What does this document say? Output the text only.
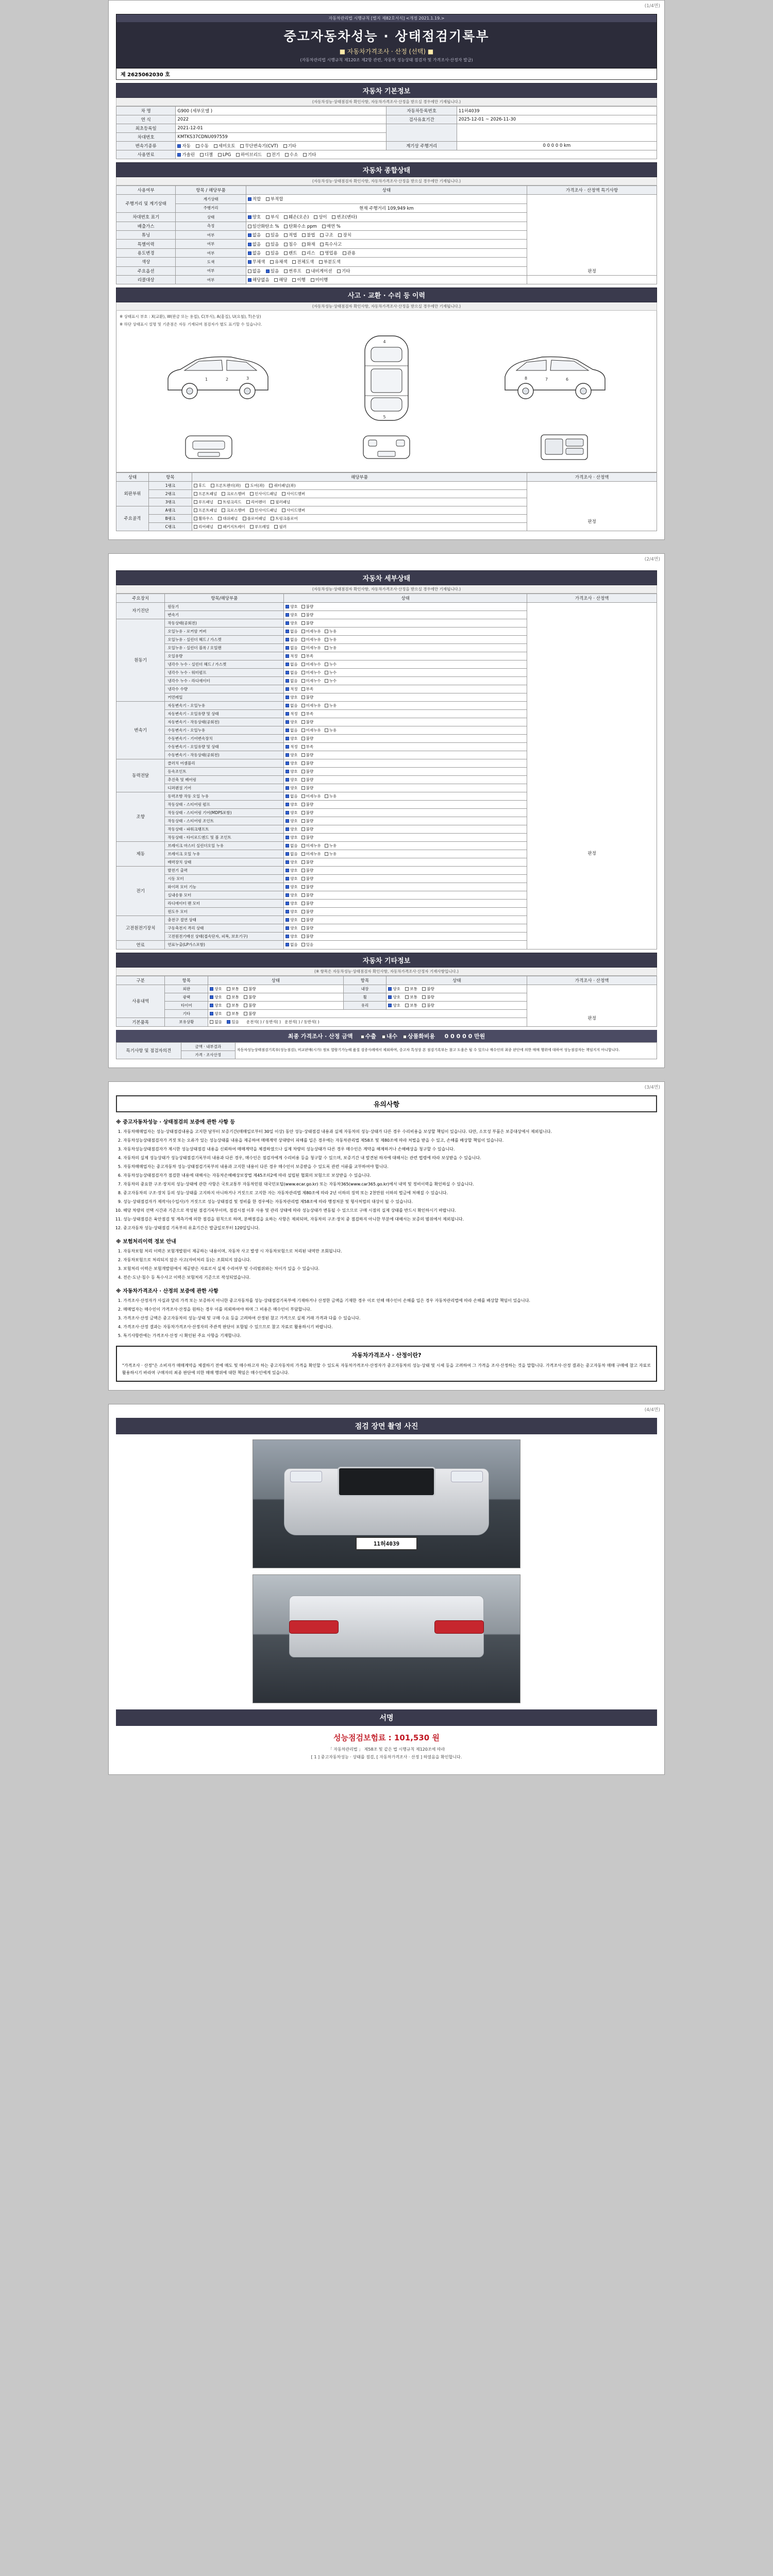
(1/4면)
자동차관리법 시행규칙 [별지 제82호서식] <개정 2021.1.19.>
중고자동차성능 · 상태점검기록부
■ 자동차가격조사 · 산정 (선택) ■
(자동차관리법 시행규칙 제120조 제2항 관련, 자동차 성능상태 점검자 및 가격조사·산정자 발급)
제 2625062030 호
자동차 기본정보
(자동차성능·상태점검자 확인사항, 자동차가격조사·산정을 받으실 경우에만 기재됩니다.)
차 명	G900 (세부모델 )	자동차등록번호	11허4039
연 식	2022	검사유효기간	2025-12-01 ~ 2026-11-30
최초등록일	2021-12-01		
차대번호	KMTKS37CDNU097559		
변속기종류	자동 수동 세미오토 무단변속기(CVT) 기타	계기상 주행거리	0 0 0 0 0 km
사용연료	가솔린 디젤 LPG 하이브리드 전기 수소 기타		
자동차 종합상태
(자동차성능·상태점검자 확인사항, 자동차가격조사·산정을 받으실 경우에만 기재됩니다.)
사용여부	항목 / 해당부품	상태	가격조사 · 산정액 특기사항
주행거리 및 계기상태	계기상태	적합 부적합	판정

	주행거리	현재 주행거리 109,949 km	
차대번호 표기	상태	양호 부식 훼손(오손) 상이 변조(변타)	
배출가스	측정	일산화탄소 % 탄화수소 ppm 매연 %	
튜닝	여부	없음 있음 적법 불법 구조 장치	
특별이력	여부	없음 있음 침수 화재 특수사고	
용도변경	여부	없음 있음 렌트 리스 영업용 관용	
색상	도색	무채색 유채색 전체도색 부분도색	
주요옵션	여부	없음 있음 썬루프 내비게이션 기타	
리콜대상	여부	해당없음 해당 이행 미이행	
사고 · 교환 · 수리 등 이력
(자동차성능·상태점검자 확인사항, 자동차가격조사·산정을 받으실 경우에만 기재됩니다.)
※ 상태표시 부호 : X(교환), W(판금 또는 용접), C(부식), A(흠집), U(요철), T(손상)
※ 하단 상태표시 설명 및 기준점은 자동 기재되며 점검자가 별도 표기할 수 있습니다.
1	2	3
4
5
6
7
8
상태	항목	해당부품	가격조사 · 산정액
외판부위	1랭크	후드 프론트펜더(좌) 도어(좌) 쿼터패널(좌)	판정
	2랭크	프론트패널 크로스멤버 인사이드패널 사이드멤버	
	3랭크	루프패널 트렁크리드 리어펜더 필러패널	
주요골격	A랭크	프론트패널 크로스멤버 인사이드패널 사이드멤버	
	B랭크	휠하우스 대쉬패널 플로어패널 트렁크플로어	
	C랭크	리어패널 패키지트레이 루프레일 필러	
(2/4면)
자동차 세부상태
(자동차성능·상태점검자 확인사항, 자동차가격조사·산정을 받으실 경우에만 기재됩니다.)
주요장치	항목/해당부품	상태	가격조사 · 산정액
자기진단	원동기	양호 불량	판정

	변속기	양호 불량	
원동기	작동상태(공회전)	양호 불량	
	오일누유 - 로커암 커버	없음 미세누유 누유	
	오일누유 - 실린더 헤드 / 가스켓	없음 미세누유 누유	
	오일누유 - 실린더 블록 / 오일팬	없음 미세누유 누유	
	오일유량	적정 부족	
	냉각수 누수 - 실린더 헤드 / 가스켓	없음 미세누수 누수	
	냉각수 누수 - 워터펌프	없음 미세누수 누수	
	냉각수 누수 - 라디에이터	없음 미세누수 누수	
	냉각수 수량	적정 부족	
	커먼레일	양호 불량	
변속기	자동변속기 - 오일누유	없음 미세누유 누유	
	자동변속기 - 오일유량 및 상태	적정 부족	
	자동변속기 - 작동상태(공회전)	양호 불량	
	수동변속기 - 오일누유	없음 미세누유 누유	
	수동변속기 - 기어변속장치	양호 불량	
	수동변속기 - 오일유량 및 상태	적정 부족	
	수동변속기 - 작동상태(공회전)	양호 불량	
동력전달	클러치 어셈블리	양호 불량	
	등속조인트	양호 불량	
	추진축 및 베어링	양호 불량	
	디퍼렌셜 기어	양호 불량	
조향	동력조향 작동 오일 누유	없음 미세누유 누유	
	작동상태 - 스티어링 펌프	양호 불량	
	작동상태 - 스티어링 기어(MDPS포함)	양호 불량	
	작동상태 - 스티어링 조인트	양호 불량	
	작동상태 - 파워크랭프트	양호 불량	
	작동상태 - 타이로드엔드 및 볼 조인트	양호 불량	
제동	브레이크 마스터 실린더오일 누유	없음 미세누유 누유	
	브레이크 오일 누유	없음 미세누유 누유	
	배력장치 상태	양호 불량	
전기	발전기 출력	양호 불량	
	시동 모터	양호 불량	
	와이퍼 모터 기능	양호 불량	
	실내송풍 모터	양호 불량	
	라디에이터 팬 모터	양호 불량	
	윈도우 모터	양호 불량	
고전원전기장치	충전구 절연 상태	양호 불량	
	구동축전지 격리 상태	양호 불량	
	고전원전기배선 상태(접속단자, 피복, 보호기구)	양호 불량	
연료	연료누출(LP가스포함)	없음 있음	
자동차 기타정보
(※ 항목은 자동차성능·상태점검자 확인사항, 자동차가격조사·산정자 기재사항입니다.)
구분	항목	상태	항목	상태	가격조사 · 산정액
사용내역	외판	양호 보통 불량	내장	양호 보통 불량	판정
	광택	양호 보통 불량	휠	양호 보통 불량	
	타이어	양호 보통 불량	유리	양호 보통 불량	
	기타	양호 보통 불량			
기본품목	보유상황	없음 있음 운전석( ) / 동반석( ) 운전석( ) / 동반석( )			
최종 가격조사 · 산정 금액 수출 내수 상품화비용 0 0 0 0 0 만원
특기사항 및 점검자의견	금액 · 내부결과	자동차성능상태점검기록부(성능점검), 비교판매(시가) 정보 열람기가능해 품질 검증사례에서 제외하며, 중고차 특성상 본 점검기록부는 참고 도움은 될 수 있으나 매수인의 최종 판단에 의한 매매 행위에 대하여 성능점검자는 책임지지 아니합니다.
가격 · 조사산정
(3/4면)
유의사항
※ 중고자동차성능 · 상태점검의 보증에 관한 사항 등
1. 자동차매매업자는 성능·상태점검내용을 고지한 날부터 보증기간(매매일로부터 30일 이상) 동안 성능·상태점검 내용과 실제 자동차의 성능·상태가 다른 경우 수리비용을 보상할 책임이 있습니다. 다만, 소모성 부품은 보증대상에서 제외됩니다.
2. 자동차성능상태점검자가 거짓 또는 오류가 있는 성능상태를 내용을 제공하여 매매계약 상대방이 피해를 입은 경우에는 자동차관리법 제58조 및 제80조에 따라 처벌을 받을 수 있고, 손해를 배상할 책임이 있습니다.
3. 자동차성능상태점검자가 제시한 성능상태점검 내용을 신뢰하여 매매계약을 체결하였으나 실제 차량의 성능상태가 다른 경우 매수인은 계약을 해제하거나 손해배상을 청구할 수 있습니다.
4. 자동차의 실제 성능상태가 성능상태점검기록부의 내용과 다른 경우, 매수인은 점검자에게 수리비용 등을 청구할 수 있으며, 보증기간 내 발견된 하자에 대해서는 관련 법령에 따라 보상받을 수 있습니다.
5. 자동차매매업자는 중고자동차 성능·상태점검기록부의 내용과 고지한 내용이 다른 경우 매수인이 보증받을 수 있도록 관련 서류를 교부하여야 합니다.
6. 자동차성능상태점검자가 점검한 내용에 대해서는 자동차손해배상보장법 제45조의2에 따라 설립된 협회의 보험으로 보상받을 수 있습니다.
7. 자동차의 중요한 구조·장치의 성능·상태에 관한 사항은 국토교통부 자동차민원 대국민포털(www.ecar.go.kr) 또는 자동차365(www.car365.go.kr)에서 내역 및 정비이력을 확인하실 수 있습니다.
8. 중고자동차의 구조·장치 등의 성능·상태를 고지하지 아니하거나 거짓으로 고지한 자는 자동차관리법 제80조에 따라 2년 이하의 징역 또는 2천만원 이하의 벌금에 처해질 수 있습니다.
9. 성능·상태점검자가 제작사(수입사)가 거짓으로 성능·상태점검 및 정비를 한 경우에는 자동차관리법 제58조에 따라 행정처분 및 형사처벌의 대상이 될 수 있습니다.
10. 해당 차량의 선택 시간과 기준으로 작성된 점검기록부이며, 점검시점 이후 사용 및 관리 상태에 따라 성능상태가 변동될 수 있으므로 구매 시점의 실제 상태를 반드시 확인하시기 바랍니다.
11. 성능·상태점검은 육안점검 및 계측기에 의한 점검을 원칙으로 하며, 분해점검을 요하는 사항은 제외되며, 자동차의 구조·장치 중 점검하지 아니한 부분에 대해서는 보증의 범위에서 제외됩니다.
12. 중고자동차 성능·상태점검 기록부의 유효기간은 발급일로부터 120일입니다.
※ 보험처리이력 정보 안내
1. 자동차보험 처리 이력은 보험개발원이 제공하는 내용이며, 자동차 사고 발생 시 자동차보험으로 처리된 내역만 조회됩니다.
2. 자동차보험으로 처리되지 않은 사고(자비처리 등)는 조회되지 않습니다.
3. 보험처리 이력은 보험개발원에서 제공받은 자료로서 실제 수리여부 및 수리범위와는 차이가 있을 수 있습니다.
4. 전손·도난·침수 등 특수사고 이력은 보험처리 기준으로 작성되었습니다.
※ 자동차가격조사 · 산정의 보증에 관한 사항
1. 가격조사·산정자가 사실과 달리 가격 또는 보증하지 아니한 중고자동차를 성능·상태점검기록부에 기재하거나 산정한 금액을 기재한 경우 이로 인해 매수인이 손해를 입은 경우 자동차관리법에 따라 손해를 배상할 책임이 있습니다.
2. 매매업자는 매수인이 가격조사·산정을 원하는 경우 이를 의뢰하여야 하며 그 비용은 매수인이 부담합니다.
3. 가격조사·산정 금액은 중고자동차의 성능·상태 및 구매 수요 등을 고려하여 산정된 참고 가격으로 실제 거래 가격과 다를 수 있습니다.
4. 가격조사·산정 결과는 자동차가격조사·산정자의 주관적 판단이 포함될 수 있으므로 참고 자료로 활용하시기 바랍니다.
5. 특기사항란에는 가격조사·산정 시 확인된 주요 사항을 기재합니다.
자동차가격조사 · 산정이란?

"가격조사 · 산정"은 소비자가 매매계약을 체결하기 전에 매도 및 매수하고자 하는 중고자동차의 가격을 확인할 수 있도록 자동차가격조사·산정자가 중고자동차의 성능·상태 및 시세 등을 고려하여 그 가격을 조사·산정하는 것을 말합니다. 가격조사·산정 결과는 중고자동차 매매 구매에 참고 자료로 활용하시기 바라며 구매자의 최종 판단에 의한 매매 행위에 대한 책임은 매수인에게 있습니다.

(4/4면)
점검 장면 촬영 사진
11허4039
서명
성능점검보험료 : 101,530 원
「 자동차관리법 」 제58조 및 같은 법 시행규칙 제120조에 따라
[ 1 ] 중고자동차성능 · 상태를 점검, [ 자동차가격조사 · 산정 ] 하였음을 확인합니다.
